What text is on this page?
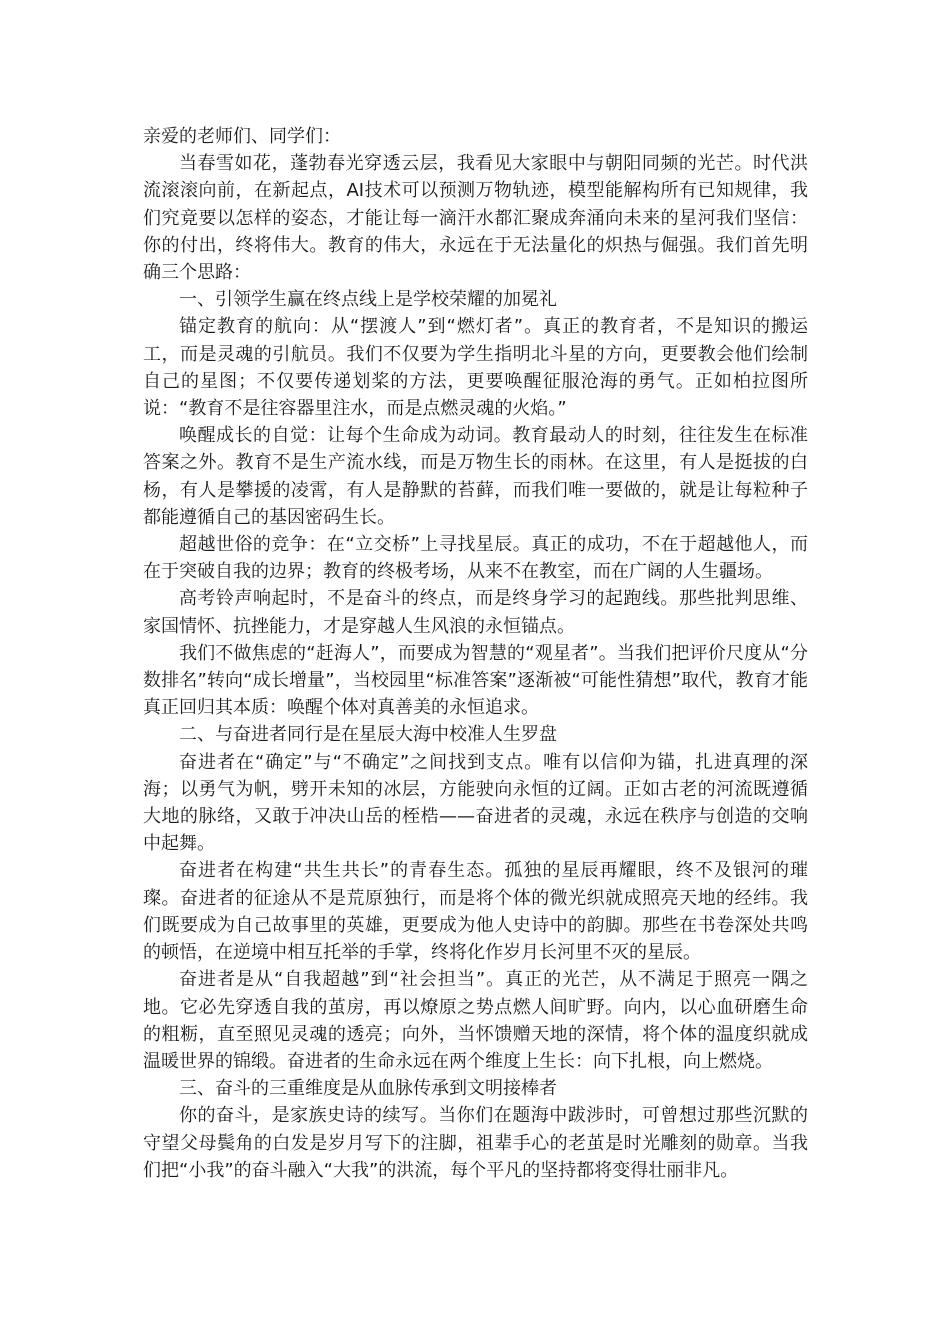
亲爱的老师们、同学们：

当春雪如花，蓬勃春光穿透云层，我看见大家眼中与朝阳同频的光芒。时代洪流滚滚向前，在新起点，AI技术可以预测万物轨迹，模型能解构所有已知规律，我们究竟要以怎样的姿态，才能让每一滴汗水都汇聚成奔涌向未来的星河我们坚信：你的付出，终将伟大。教育的伟大，永远在于无法量化的炽热与倔强。我们首先明确三个思路：

一、引领学生赢在终点线上是学校荣耀的加冕礼

锚定教育的航向：从“摆渡人”到“燃灯者”。真正的教育者，不是知识的搬运工，而是灵魂的引航员。我们不仅要为学生指明北斗星的方向，更要教会他们绘制自己的星图；不仅要传递划桨的方法，更要唤醒征服沧海的勇气。正如柏拉图所说：“教育不是往容器里注水，而是点燃灵魂的火焰。”

唤醒成长的自觉：让每个生命成为动词。教育最动人的时刻，往往发生在标准答案之外。教育不是生产流水线，而是万物生长的雨林。在这里，有人是挺拔的白杨，有人是攀援的凌霄，有人是静默的苔藓，而我们唯一要做的，就是让每粒种子都能遵循自己的基因密码生长。

超越世俗的竞争：在“立交桥”上寻找星辰。真正的成功，不在于超越他人，而在于突破自我的边界；教育的终极考场，从来不在教室，而在广阔的人生疆场。

高考铃声响起时，不是奋斗的终点，而是终身学习的起跑线。那些批判思维、家国情怀、抗挫能力，才是穿越人生风浪的永恒锚点。

我们不做焦虑的“赶海人”，而要成为智慧的“观星者”。当我们把评价尺度从“分数排名”转向“成长增量”，当校园里“标准答案”逐渐被“可能性猜想”取代，教育才能真正回归其本质：唤醒个体对真善美的永恒追求。

二、与奋进者同行是在星辰大海中校准人生罗盘

奋进者在“确定”与“不确定”之间找到支点。唯有以信仰为锚，扎进真理的深海；以勇气为帆，劈开未知的冰层，方能驶向永恒的辽阔。正如古老的河流既遵循大地的脉络，又敢于冲决山岳的桎梏——奋进者的灵魂，永远在秩序与创造的交响中起舞。

奋进者在构建“共生共长”的青春生态。孤独的星辰再耀眼，终不及银河的璀璨。奋进者的征途从不是荒原独行，而是将个体的微光织就成照亮天地的经纬。我们既要成为自己故事里的英雄，更要成为他人史诗中的韵脚。那些在书卷深处共鸣的顿悟，在逆境中相互托举的手掌，终将化作岁月长河里不灭的星辰。

奋进者是从“自我超越”到“社会担当”。真正的光芒，从不满足于照亮一隅之地。它必先穿透自我的茧房，再以燎原之势点燃人间旷野。向内，以心血研磨生命的粗粝，直至照见灵魂的透亮；向外，当怀馈赠天地的深情，将个体的温度织就成温暖世界的锦缎。奋进者的生命永远在两个维度上生长：向下扎根，向上燃烧。

三、奋斗的三重维度是从血脉传承到文明接棒者

你的奋斗，是家族史诗的续写。当你们在题海中跋涉时，可曾想过那些沉默的守望父母鬓角的白发是岁月写下的注脚，祖辈手心的老茧是时光雕刻的勋章。当我们把“小我”的奋斗融入“大我”的洪流，每个平凡的坚持都将变得壮丽非凡。
